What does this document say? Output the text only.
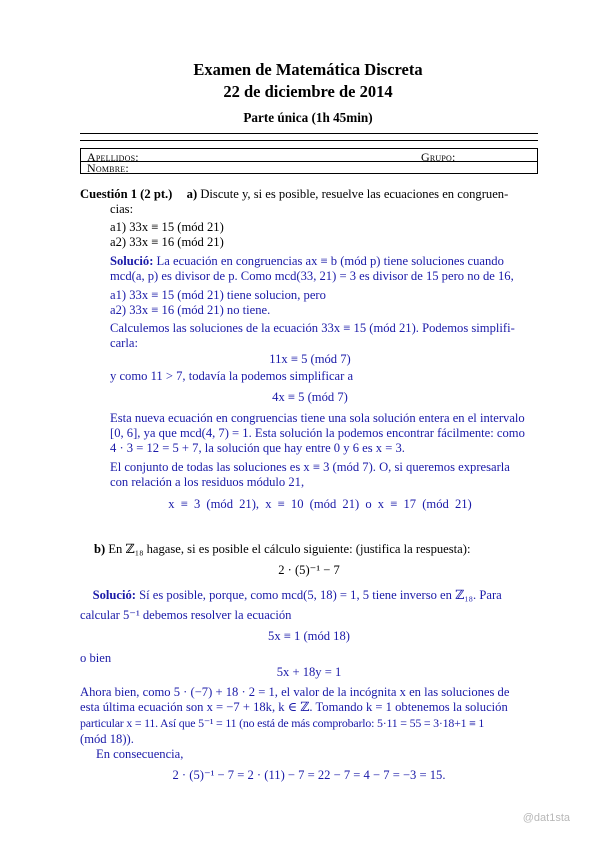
Examen de Matemática Discreta
22 de diciembre de 2014
Parte única (1h 45min)
Apellidos:	Grupo:
Nombre:
Cuestión 1 (2 pt.) a) Discute y, si es posible, resuelve las ecuaciones en congruen-
cias:
a1) 33x ≡ 15 (mód 21)
a2) 33x ≡ 16 (mód 21)
Solució: La ecuación en congruencias ax ≡ b (mód p) tiene soluciones cuando
mcd(a, p) es divisor de p. Como mcd(33, 21) = 3 es divisor de 15 pero no de 16,
a1) 33x ≡ 15 (mód 21) tiene solucion, pero
a2) 33x ≡ 16 (mód 21) no tiene.
Calculemos las soluciones de la ecuación 33x ≡ 15 (mód 21). Podemos simplifi-
carla:
11x ≡ 5 (mód 7)
y como 11 > 7, todavía la podemos simplificar a
4x ≡ 5 (mód 7)
Esta nueva ecuación en congruencias tiene una sola solución entera en el intervalo
[0, 6], ya que mcd(4, 7) = 1. Esta solución la podemos encontrar fácilmente: como
4 · 3 = 12 = 5 + 7, la solución que hay entre 0 y 6 es x = 3.
El conjunto de todas las soluciones es x ≡ 3 (mód 7). O, si queremos expresarla
con relación a los residuos módulo 21,
x ≡ 3 (mód 21), x ≡ 10 (mód 21) o x ≡ 17 (mód 21)
b) En ℤ₁₈ hagase, si es posible el cálculo siguiente: (justifica la respuesta):
2 · (5)⁻¹ − 7
Solució: Sí es posible, porque, como mcd(5, 18) = 1, 5 tiene inverso en ℤ₁₈. Para
calcular 5⁻¹ debemos resolver la ecuación
5x ≡ 1 (mód 18)
o bien
5x + 18y = 1
Ahora bien, como 5 · (−7) + 18 · 2 = 1, el valor de la incógnita x en las soluciones de
esta última ecuación son x = −7 + 18k, k ∈ ℤ. Tomando k = 1 obtenemos la solución
particular x = 11. Así que 5⁻¹ = 11 (no está de más comprobarlo: 5·11 = 55 = 3·18+1 ≡ 1
(mód 18)).
En consecuencia,
2 · (5)⁻¹ − 7 = 2 · (11) − 7 = 22 − 7 = 4 − 7 = −3 = 15.
@dat1sta
